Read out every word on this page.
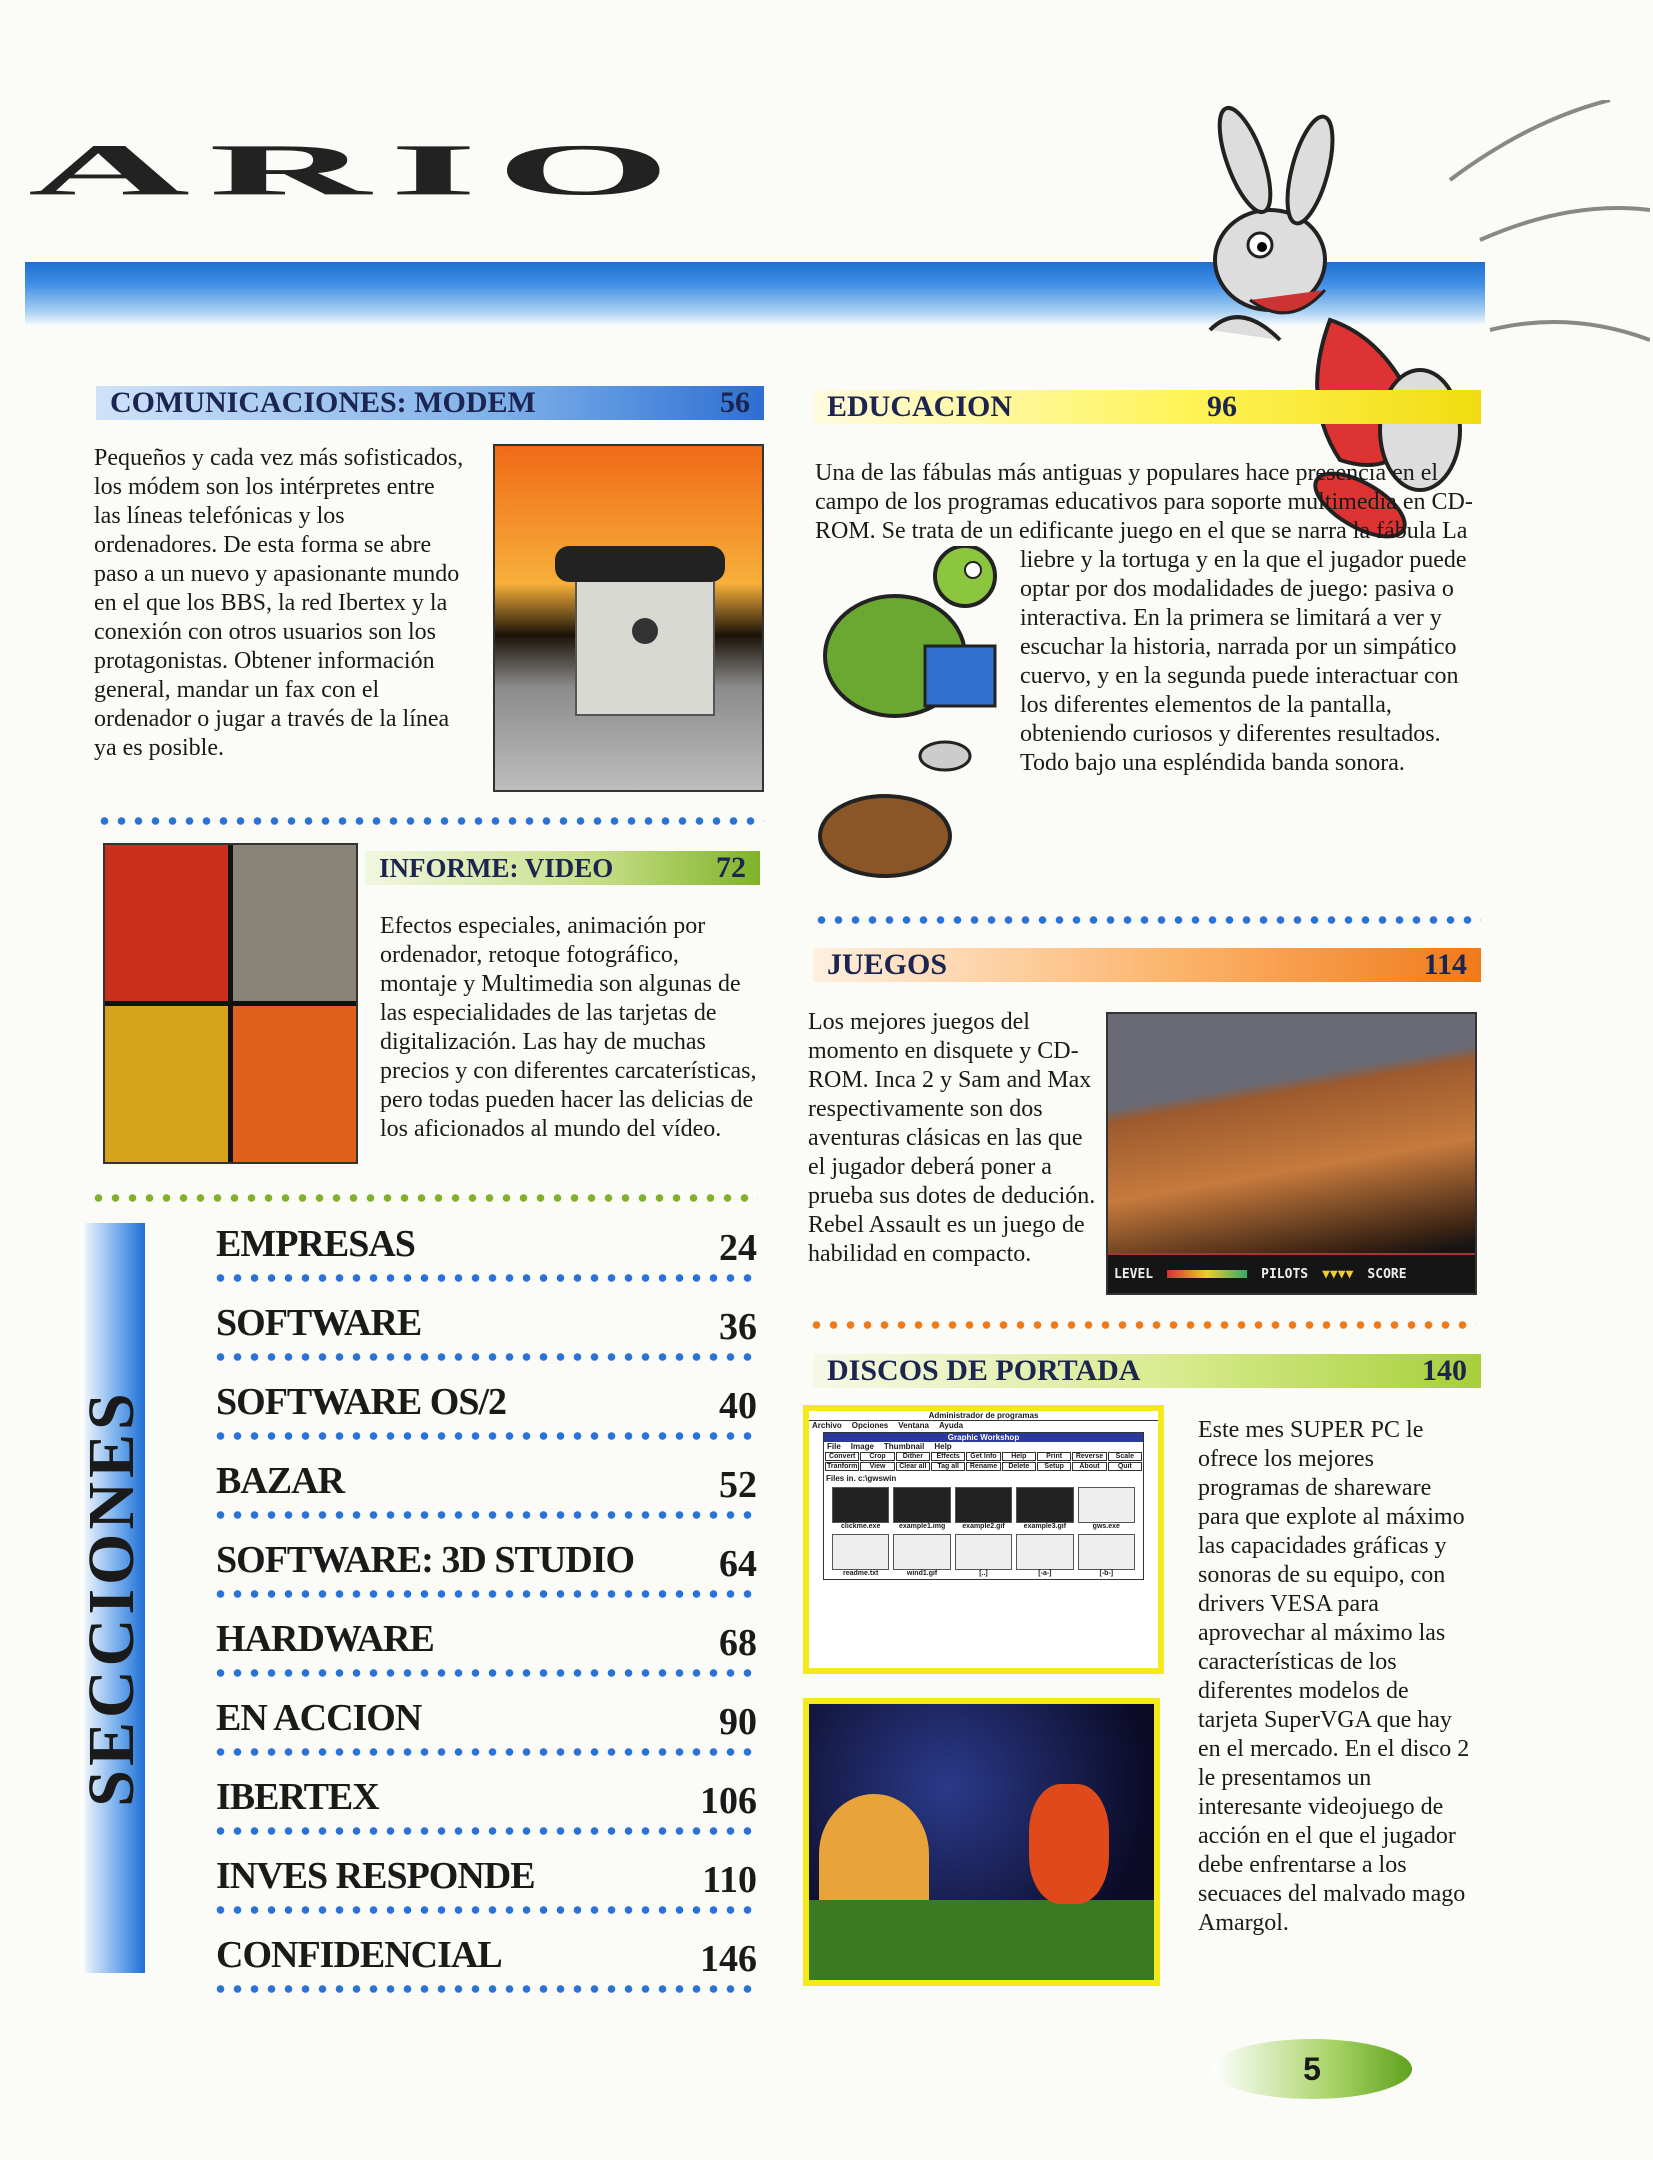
ARIO
COMUNICACIONES: MODEM	56
Pequeños y cada vez más sofisticados, los módem son los intérpretes entre las líneas telefónicas y los ordenadores. De esta forma se abre paso a un nuevo y apasionante mundo en el que los BBS, la red Ibertex y la conexión con otros usuarios son los protagonistas. Obtener información general, mandar un fax con el ordenador o jugar a través de la línea ya es posible.
INFORME: VIDEO	72
Efectos especiales, animación por ordenador, retoque fotográfico, montaje y Multimedia son algunas de las especialidades de las tarjetas de digitalización. Las hay de muchas precios y con diferentes carcaterísticas, pero todas pueden hacer las delicias de los aficionados al mundo del vídeo.
SECCIONES
EMPRESAS	24
SOFTWARE	36
SOFTWARE OS/2	40
BAZAR	52
SOFTWARE: 3D STUDIO 64
HARDWARE	68
EN ACCION	90
IBERTEX	106
INVES RESPONDE	110
CONFIDENCIAL	146
EDUCACION	96
Una de las fábulas más antiguas y populares hace presencia en el campo de los programas educativos para soporte multimedia en CD-ROM. Se trata de un edificante juego en el que se narra la fábula La liebre y la tortuga y en la que el jugador puede optar por dos modalidades de juego: pasiva o interactiva. En la primera se limitará a ver y escuchar la historia, narrada por un simpático cuervo, y en la segunda puede interactuar con los diferentes elementos de la pantalla, obteniendo curiosos y diferentes resultados. Todo bajo una espléndida banda sonora.
JUEGOS	114
Los mejores juegos del momento en disquete y CD-ROM. Inca 2 y Sam and Max respectivamente son dos aventuras clásicas en las que el jugador deberá poner a prueba sus dotes de dedución. Rebel Assault es un juego de habilidad en compacto.
LEVEL	PILOTS ▼▼▼▼ SCORE
DISCOS DE PORTADA	140
Administrador de programas
Archivo Opciones Ventana Ayuda
Graphic Workshop
File Image Thumbnail Help
Convert	Crop	Dither	Effects	Get Info	Help	Print	Reverse	Scale
Tranform	View	Clear all	Tag all	Rename	Delete	Setup	About	Quit
Files in. c:\gwswin
clickme.exe	example1.img	example2.gif	example3.gif	gws.exe
readme.txt	wind1.gif	[..]	[-a-]	[-b-]
Este mes SUPER PC le ofrece los mejores programas de shareware para que explote al máximo las capacidades gráficas y sonoras de su equipo, con drivers VESA para aprovechar al máximo las características de los diferentes modelos de tarjeta SuperVGA que hay en el mercado. En el disco 2 le presentamos un interesante videojuego de acción en el que el jugador debe enfrentarse a los secuaces del malvado mago Amargol.
5
